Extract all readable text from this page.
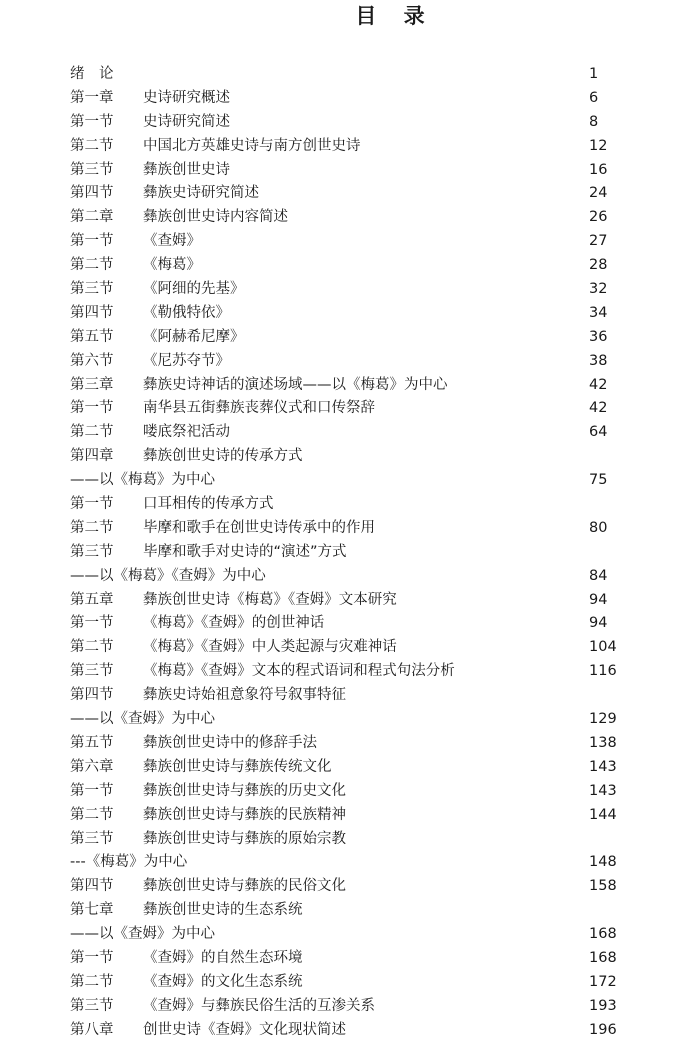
目 录
绪　论	1
第一章 史诗研究概述	6
第一节 史诗研究简述	8
第二节 中国北方英雄史诗与南方创世史诗	12
第三节 彝族创世史诗	16
第四节 彝族史诗研究简述	24
第二章 彝族创世史诗内容简述	26
第一节 《查姆》	27
第二节 《梅葛》	28
第三节 《阿细的先基》	32
第四节 《勒俄特依》	34
第五节 《阿赫希尼摩》	36
第六节 《尼苏夺节》	38
第三章 彝族史诗神话的演述场域——以《梅葛》为中心	42
第一节 南华县五街彝族丧葬仪式和口传祭辞	42
第二节 喽底祭祀活动	64
第四章 彝族创世史诗的传承方式
——以《梅葛》为中心	75
第一节 口耳相传的传承方式
第二节 毕摩和歌手在创世史诗传承中的作用	80
第三节 毕摩和歌手对史诗的“演述”方式
——以《梅葛》《查姆》为中心	84
第五章 彝族创世史诗《梅葛》《查姆》文本研究	94
第一节 《梅葛》《查姆》的创世神话	94
第二节 《梅葛》《查姆》中人类起源与灾难神话	104
第三节 《梅葛》《查姆》文本的程式语词和程式句法分析	116
第四节 彝族史诗始祖意象符号叙事特征
——以《查姆》为中心	129
第五节 彝族创世史诗中的修辞手法	138
第六章 彝族创世史诗与彝族传统文化	143
第一节 彝族创世史诗与彝族的历史文化	143
第二节 彝族创世史诗与彝族的民族精神	144
第三节 彝族创世史诗与彝族的原始宗教
---《梅葛》为中心	148
第四节 彝族创世史诗与彝族的民俗文化	158
第七章 彝族创世史诗的生态系统
——以《查姆》为中心	168
第一节 《查姆》的自然生态环境	168
第二节 《查姆》的文化生态系统	172
第三节 《查姆》与彝族民俗生活的互渗关系	193
第八章 创世史诗《查姆》文化现状简述	196
